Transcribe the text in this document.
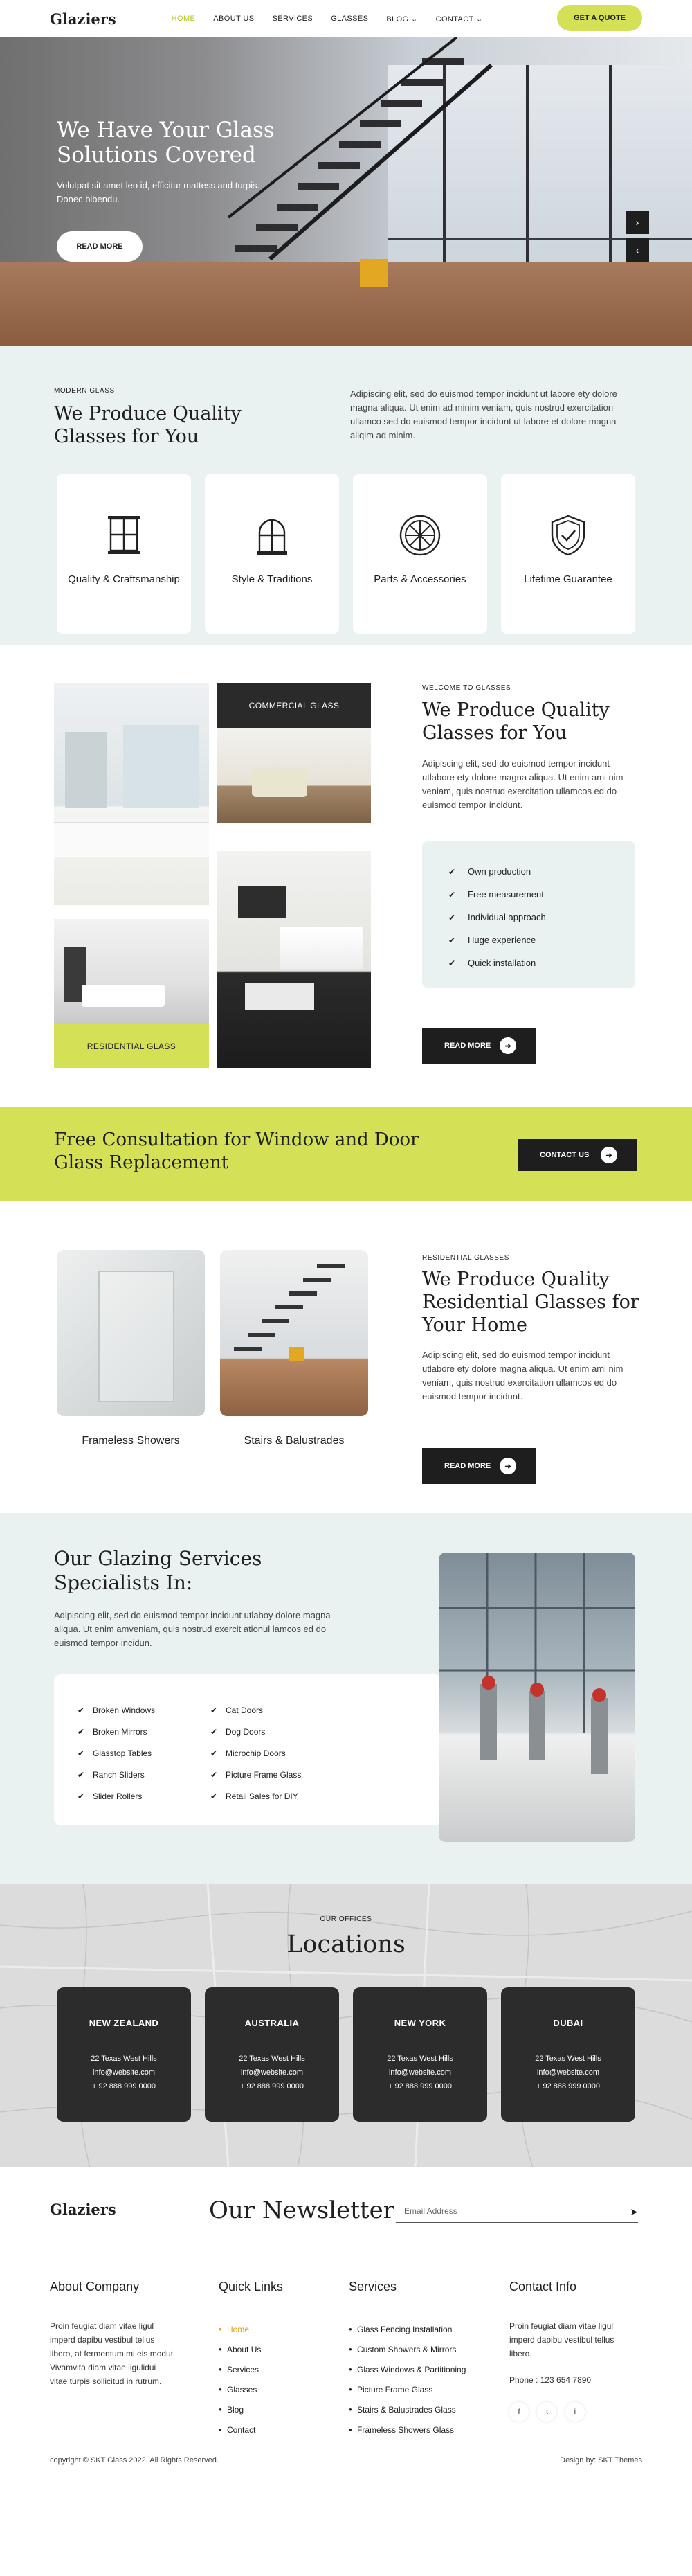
Glaziers	HOME ABOUT US SERVICES GLASSES BLOG ⌄ CONTACT ⌄	GET A QUOTE
We Have Your Glass Solutions Covered

Volutpat sit amet leo id, efficitur mattess and turpis. Donec bibendu.

READ MORE
›
‹
MODERN GLASS
We Produce Quality Glasses for You

Adipiscing elit, sed do euismod tempor incidunt ut labore ety dolore magna aliqua. Ut enim ad minim veniam, quis nostrud exercitation ullamco sed do euismod tempor incidunt ut labore et dolore magna aliqim ad minim.

Quality & Craftsmanship	Style & Traditions	Parts & Accessories	Lifetime Guarantee
COMMERCIAL GLASS
RESIDENTIAL GLASS
WELCOME TO GLASSES
We Produce Quality Glasses for You

Adipiscing elit, sed do euismod tempor incidunt utlabore ety dolore magna aliqua. Ut enim ami nim veniam, quis nostrud exercitation ullamcos ed do euismod tempor incidunt.

✔	Own production
✔	Free measurement
✔	Individual approach
✔	Huge experience
✔	Quick installation
READ MORE	➜
Free Consultation for Window and Door Glass Replacement	CONTACT US	➜
Frameless Showers	Stairs & Balustrades
RESIDENTIAL GLASSES
We Produce Quality Residential Glasses for Your Home

Adipiscing elit, sed do euismod tempor incidunt utlabore ety dolore magna aliqua. Ut enim ami nim veniam, quis nostrud exercitation ullamcos ed do euismod tempor incidunt.

READ MORE	➜
Our Glazing Services Specialists In:

Adipiscing elit, sed do euismod tempor incidunt utlaboy dolore magna aliqua. Ut enim amveniam, quis nostrud exercit ationul lamcos ed do euismod tempor incidun.

✔ Broken Windows
✔ Broken Mirrors
✔ Glasstop Tables
✔ Ranch Sliders
✔ Slider Rollers
✔ Cat Doors
✔ Dog Doors
✔ Microchip Doors
✔ Picture Frame Glass
✔ Retail Sales for DIY
OUR OFFICES
Locations
NEW ZEALAND
22 Texas West Hills
info@website.com
+ 92 888 999 0000
AUSTRALIA
22 Texas West Hills
info@website.com
+ 92 888 999 0000
NEW YORK
22 Texas West Hills
info@website.com
+ 92 888 999 0000
DUBAI
22 Texas West Hills
info@website.com
+ 92 888 999 0000
Glaziers	Our Newsletter	Email Address	➤
About Company

Proin feugiat diam vitae ligul imperd dapibu vestibul tellus libero, at fermentum mi eis modut Vivamvita diam vitae ligulidui vitae turpis sollicitud in rutrum.

Quick Links
● Home
● About Us
● Services
● Glasses
● Blog
● Contact
Services
● Glass Fencing Installation
● Custom Showers & Mirrors
● Glass Windows & Partitioning
● Picture Frame Glass
● Stairs & Balustrades Glass
● Frameless Showers Glass
Contact Info

Proin feugiat diam vitae ligul imperd dapibu vestibul tellus libero.

Phone : 123 654 7890

f	t	i
copyright © SKT Glass 2022. All Rights Reserved.	Design by: SKT Themes
